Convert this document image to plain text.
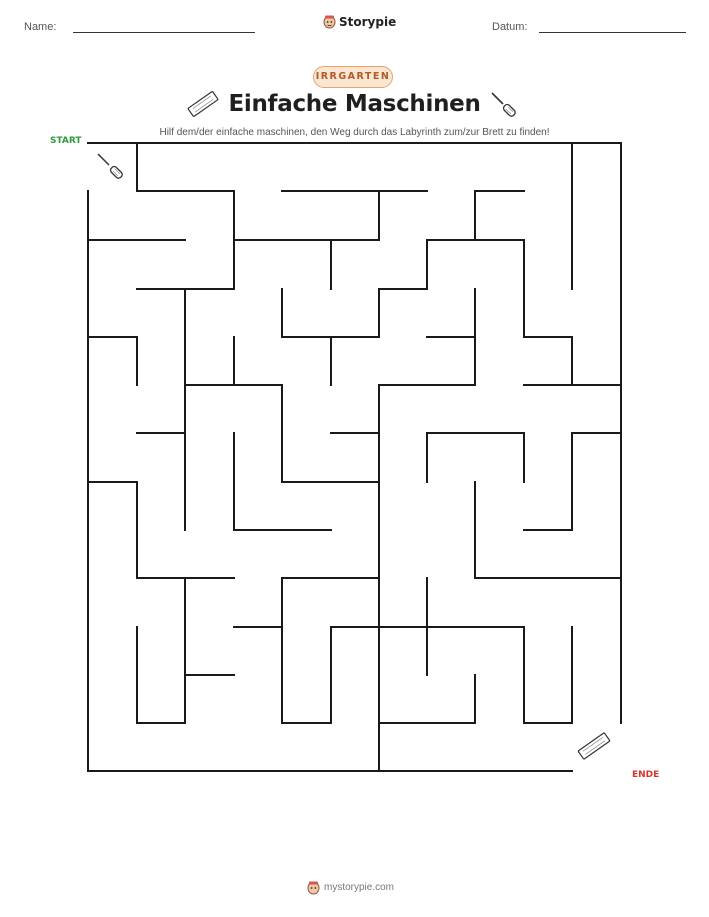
Name:	Datum:
Storypie
IRRGARTEN
Einfache Maschinen
Hilf dem/der einfache maschinen, den Weg durch das Labyrinth zum/zur Brett zu finden!
START
ENDE
mystorypie.com
